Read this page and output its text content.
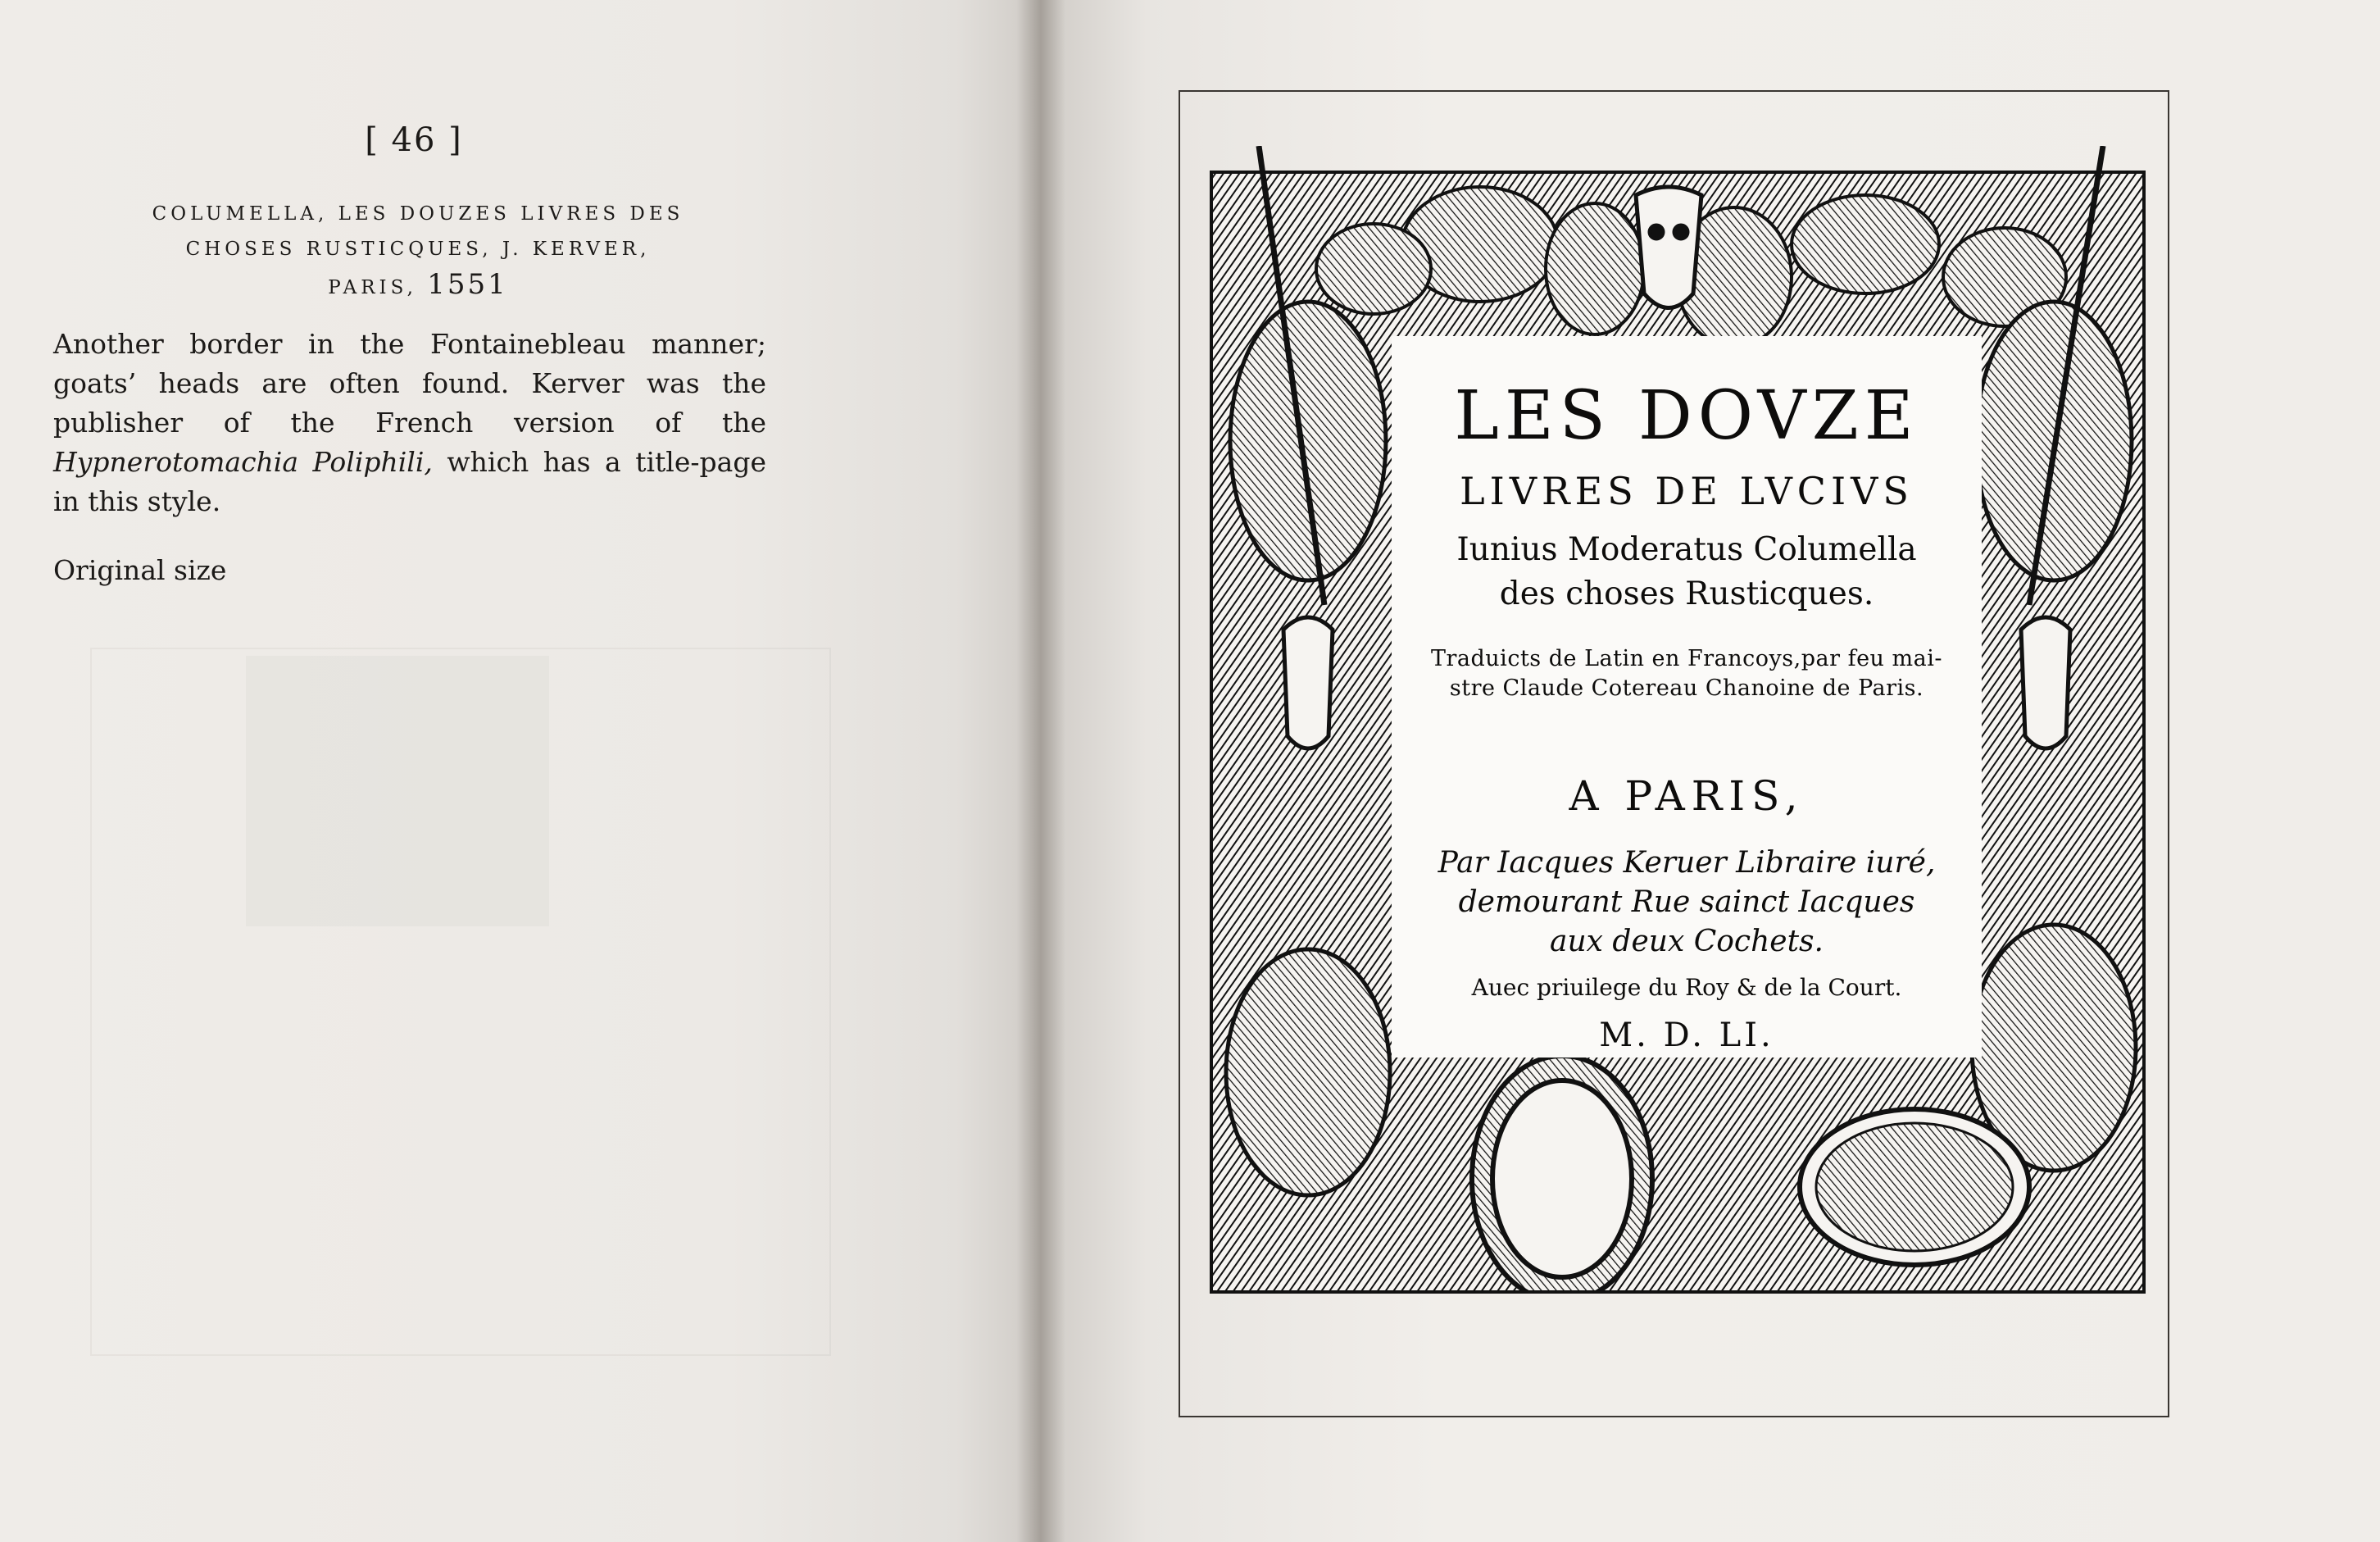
[ 46 ]
COLUMELLA, LES DOUZES LIVRES DES
CHOSES RUSTICQUES, J. KERVER,
PARIS, 1551

Another border in the Fontainebleau manner; goats’ heads are often found. Kerver was the publisher of the French version of the Hypnerotomachia Poliphili, which has a title-page in this style.

Original size
LES DOVZE
LIVRES DE LVCIVS
Iunius Moderatus Columella
des choses Rusticques.
Traduicts de Latin en Francoys,par feu mai-
stre Claude Cotereau Chanoine de Paris.
A PARIS,
Par Iacques Keruer Libraire iuré,
demourant Rue sainct Iacques
aux deux Cochets.
Auec priuilege du Roy & de la Court.
M. D. LI.
